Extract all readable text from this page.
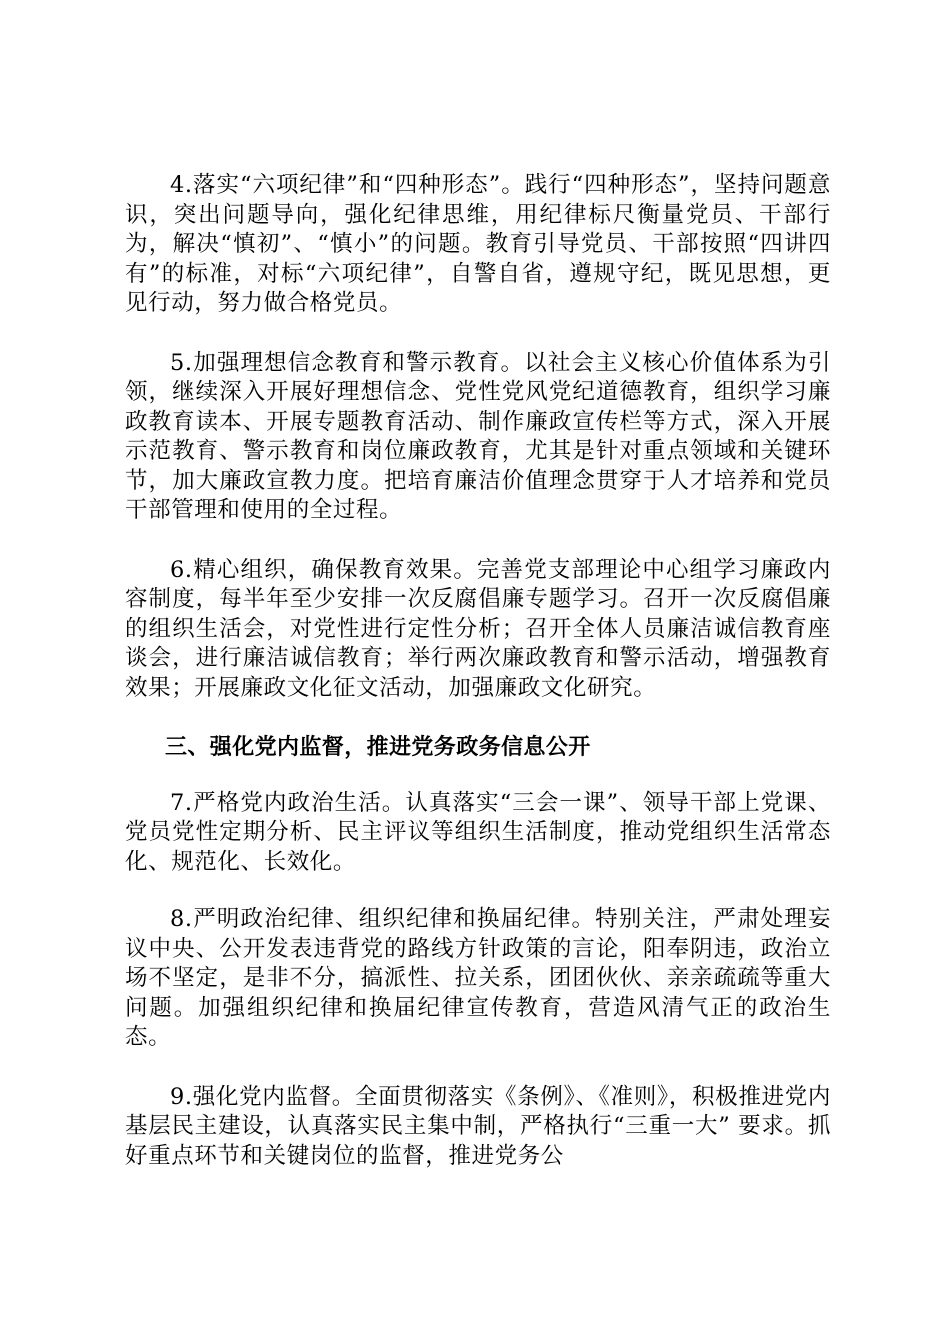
4.落实“六项纪律”和“四种形态”。践行“四种形态”，坚持问题意识，突出问题导向，强化纪律思维，用纪律标尺衡量党员、干部行为，解决“慎初”、“慎小”的问题。教育引导党员、干部按照“四讲四有”的标准，对标“六项纪律”，自警自省，遵规守纪，既见思想，更见行动，努力做合格党员。

5.加强理想信念教育和警示教育。以社会主义核心价值体系为引领，继续深入开展好理想信念、党性党风党纪道德教育，组织学习廉政教育读本、开展专题教育活动、制作廉政宣传栏等方式，深入开展示范教育、警示教育和岗位廉政教育，尤其是针对重点领域和关键环节，加大廉政宣教力度。把培育廉洁价值理念贯穿于人才培养和党员干部管理和使用的全过程。

6.精心组织，确保教育效果。完善党支部理论中心组学习廉政内容制度，每半年至少安排一次反腐倡廉专题学习。召开一次反腐倡廉的组织生活会，对党性进行定性分析；召开全体人员廉洁诚信教育座谈会，进行廉洁诚信教育；举行两次廉政教育和警示活动，增强教育效果；开展廉政文化征文活动，加强廉政文化研究。

三、强化党内监督，推进党务政务信息公开

7.严格党内政治生活。认真落实“三会一课”、领导干部上党课、党员党性定期分析、民主评议等组织生活制度，推动党组织生活常态化、规范化、长效化。

8.严明政治纪律、组织纪律和换届纪律。特别关注，严肃处理妄议中央、公开发表违背党的路线方针政策的言论，阳奉阴违，政治立场不坚定，是非不分，搞派性、拉关系，团团伙伙、亲亲疏疏等重大问题。加强组织纪律和换届纪律宣传教育，营造风清气正的政治生态。

9.强化党内监督。全面贯彻落实《条例》、《准则》，积极推进党内基层民主建设，认真落实民主集中制，严格执行“三重一大” 要求。抓好重点环节和关键岗位的监督，推进党务公
